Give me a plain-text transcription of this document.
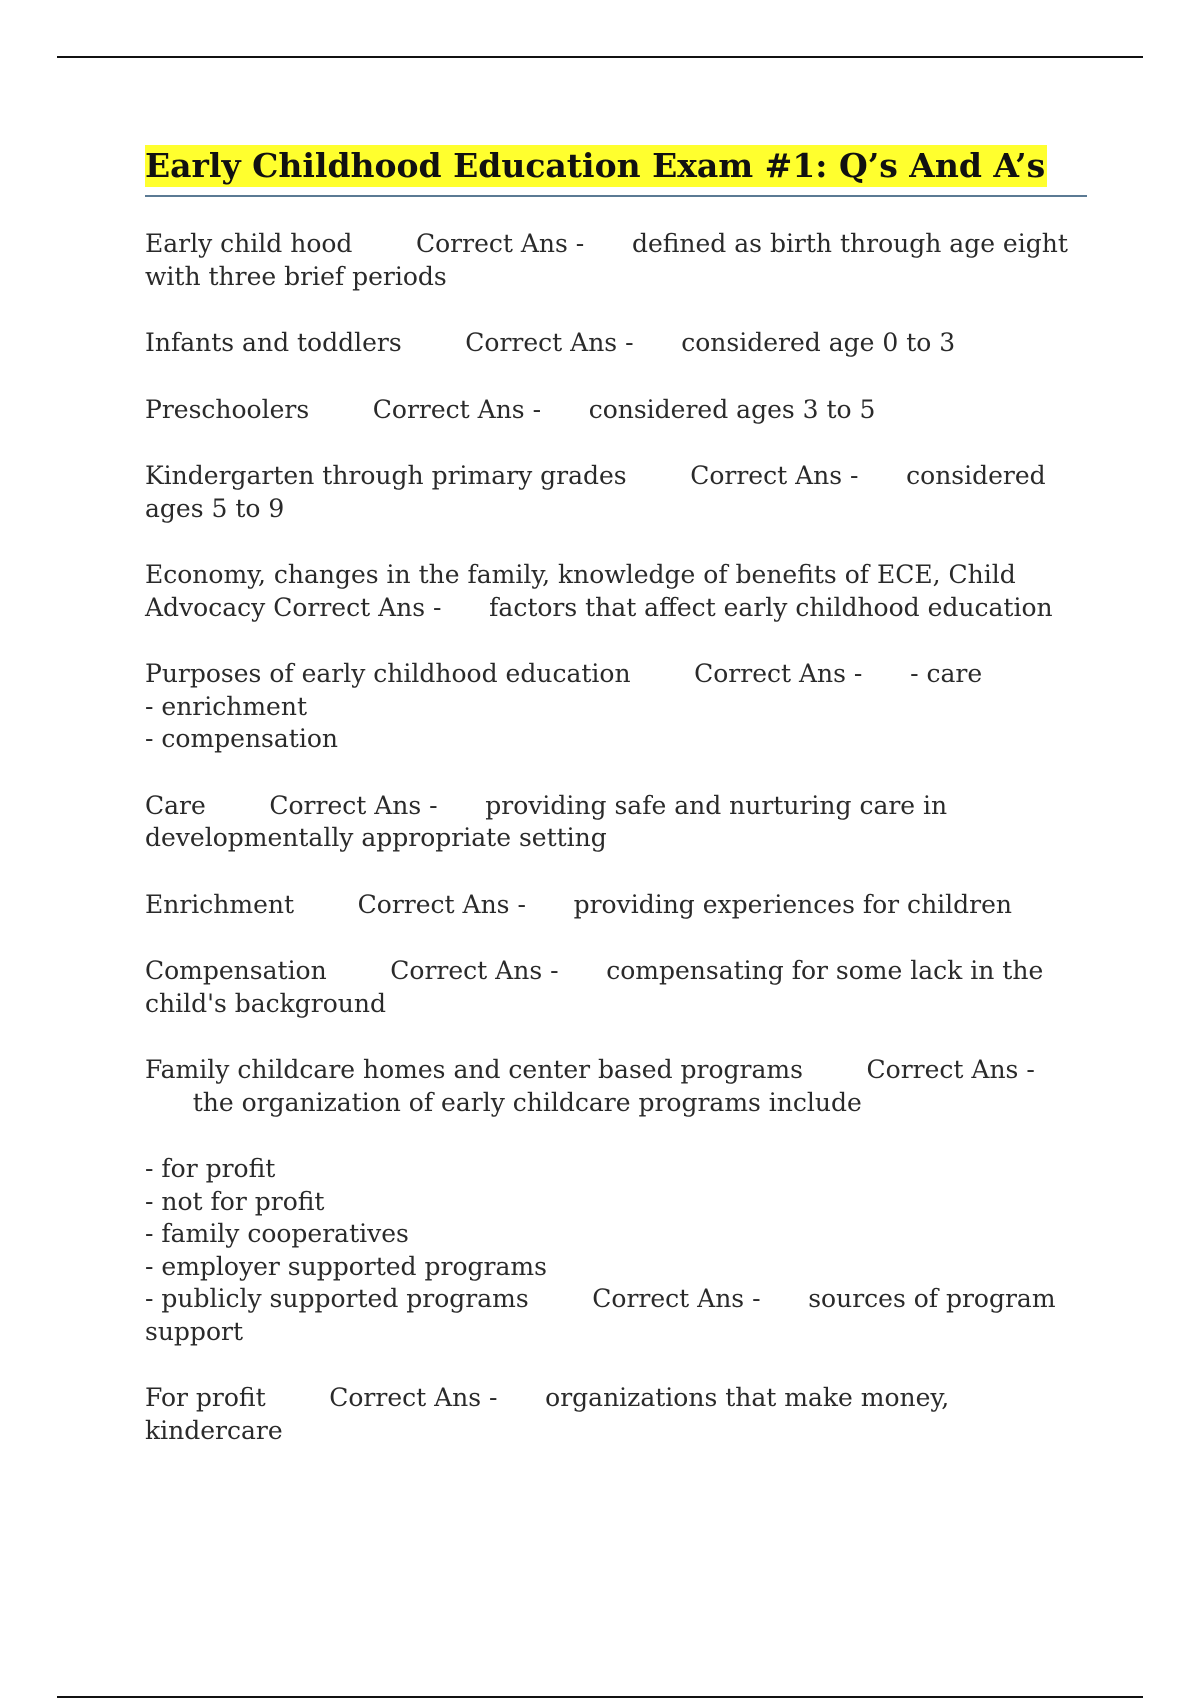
Early Childhood Education Exam #1: Q’s And A’s
Early child hood	Correct Ans - defined as birth through age eight with three brief periods
Infants and toddlers	Correct Ans - considered age 0 to 3
Preschoolers	Correct Ans - considered ages 3 to 5
Kindergarten through primary grades	Correct Ans - considered ages 5 to 9
Economy, changes in the family, knowledge of benefits of ECE, Child Advocacy Correct Ans - factors that affect early childhood education
Purposes of early childhood education	Correct Ans - - care
- enrichment
- compensation
Care	Correct Ans - providing safe and nurturing care in developmentally appropriate setting
Enrichment	Correct Ans - providing experiences for children
Compensation	Correct Ans - compensating for some lack in the child's background
Family childcare homes and center based programs	Correct Ans -      the organization of early childcare programs include
- for profit
- not for profit
- family cooperatives
- employer supported programs
- publicly supported programs	Correct Ans - sources of program support
For profit	Correct Ans - organizations that make money, kindercare
